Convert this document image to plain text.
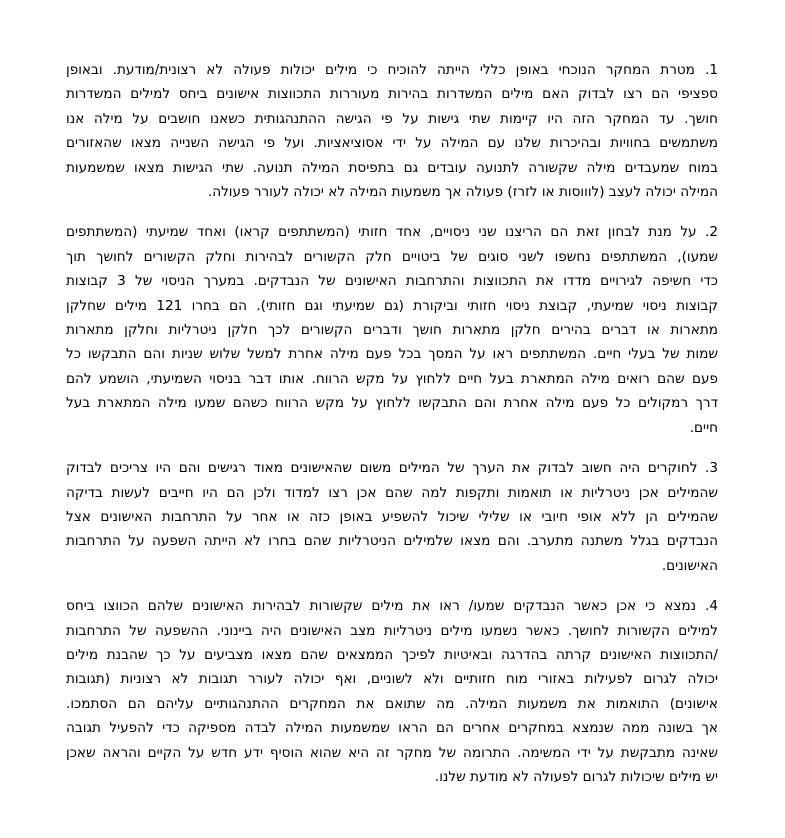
1. מטרת המחקר הנוכחי באופן כללי הייתה להוכיח כי מילים יכולות פעולה לא רצונית/מודעת. ובאופן
ספציפי הם רצו לבדוק האם מילים המשדרות בהירות מעוררות התכווצות אישונים ביחס למילים המשדרות
חושך. עד המחקר הזה היו קיימות שתי גישות על פי הגישה ההתנהגותית כשאנו חושבים על מילה אנו
משתמשים בחוויות ובהיכרות שלנו עם המילה על ידי אסוציאציות. ועל פי הגישה השנייה מצאו שהאזורים
במוח שמעבדים מילה שקשורה לתנועה עובדים גם בתפיסת המילה תנועה. שתי הגישות מצאו שמשמעות
המילה יכולה לעצב (לוווסות או לזרז) פעולה אך משמעות המילה לא יכולה לעורר פעולה.
2. על מנת לבחון זאת הם הריצנו שני ניסויים, אחד חזותי (המשתתפים קראו) ואחד שמיעתי (המשתתפים
שמעו), המשתתפים נחשפו לשני סוגים של ביטויים חלק הקשורים לבהירות וחלק הקשורים לחושך תוך
כדי חשיפה לגירויים מדדו את התכווצות והתרחבות האישונים של הנבדקים. במערך הניסוי של 3 קבוצות
קבוצות ניסוי שמיעתי, קבוצת ניסוי חזותי וביקורת (גם שמיעתי וגם חזותי). הם בחרו 121 מילים שחלקן
מתארות או דברים בהירים חלקן מתארות חושך ודברים הקשורים לכך חלקן ניטרליות וחלקן מתארות
שמות של בעלי חיים. המשתתפים ראו על המסך בכל פעם מילה אחרת למשל שלוש שניות והם התבקשו כל
פעם שהם רואים מילה המתארת בעל חיים ללחוץ על מקש הרווח. אותו דבר בניסוי השמיעתי, הושמע להם
דרך רמקולים כל פעם מילה אחרת והם התבקשו ללחוץ על מקש הרווח כשהם שמעו מילה המתארת בעל
חיים.
3. לחוקרים היה חשוב לבדוק את הערך של המילים משום שהאישונים מאוד רגישים והם היו צריכים לבדוק
שהמילים אכן ניטרליות או תואמות ותקפות למה שהם אכן רצו למדוד ולכן הם היו חייבים לעשות בדיקה
שהמילים הן ללא אופי חיובי או שלילי שיכול להשפיע באופן כזה או אחר על התרחבות האישונים אצל
הנבדקים בגלל משתנה מתערב. והם מצאו שלמילים הניטרליות שהם בחרו לא הייתה השפעה על התרחבות
האישונים.
4. נמצא כי אכן כאשר הנבדקים שמעו/ ראו את מילים שקשורות לבהירות האישונים שלהם הכווצו ביחס
למילים הקשורות לחושך. כאשר נשמעו מילים ניטרליות מצב האישונים היה ביינוני. ההשפעה של התרחבות
/התכווצות האישונים קרתה בהדרגה ובאיטיות לפיכך הממצאים שהם מצאו מצביעים על כך שהבנת מילים
יכולה לגרום לפעילות באזורי מוח חזותיים ולא לשוניים, ואף יכולה לעורר תגובות לא רצוניות (תגובות
אישונים) התואמות את משמעות המילה. מה שתואם את המחקרים ההתנהגותיים עליהם הם הסתמכו.
אך בשונה ממה שנמצא במחקרים אחרים הם הראו שמשמעות המילה לבדה מספיקה כדי להפעיל תגובה
שאינה מתבקשת על ידי המשימה. התרומה של מחקר זה היא שהוא הוסיף ידע חדש על הקיים והראה שאכן
יש מילים שיכולות לגרום לפעולה לא מודעת שלנו.
